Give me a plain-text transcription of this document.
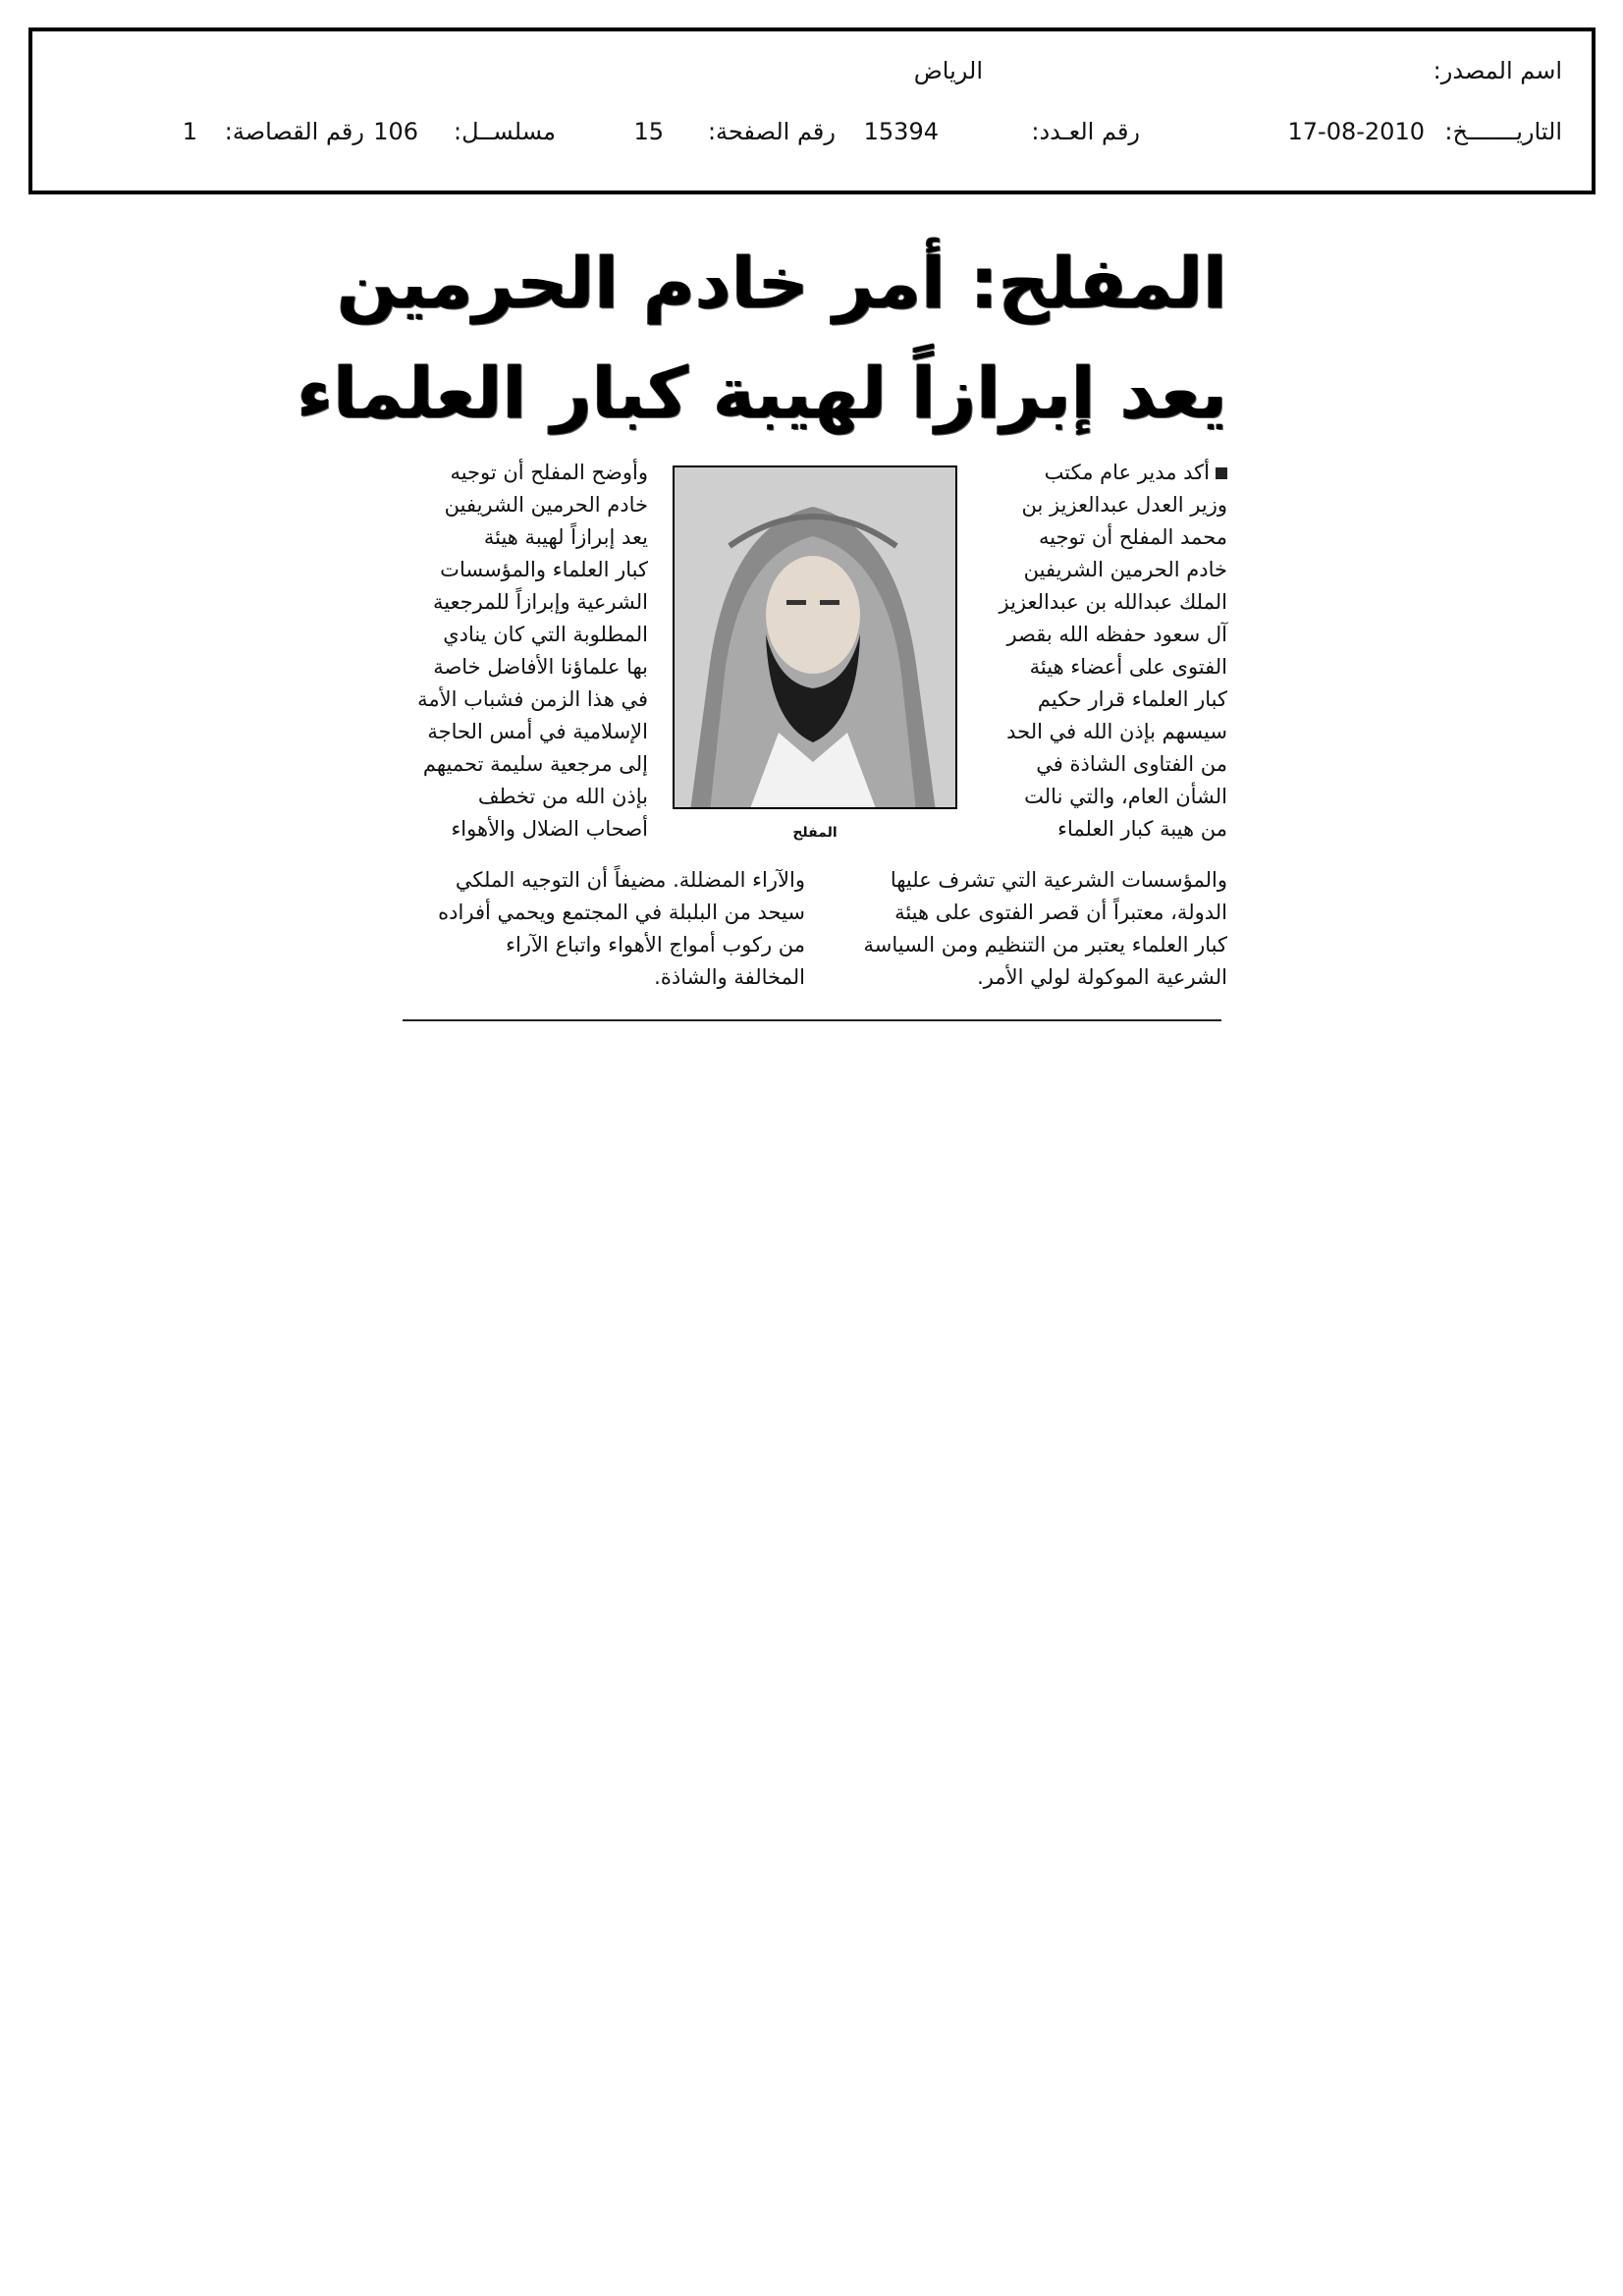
اسم المصدر:
الرياض
التاريـــــــخ:
17-08-2010
رقم العـدد:
15394
رقم الصفحة:
15
مسلســل:
106
رقم القصاصة:
1
المفلح: أمر خادم الحرمين
يعد إبرازاً لهيبة كبار العلماء
أكد مدير عام مكتب
وزير العدل عبدالعزيز بن
محمد المفلح أن توجيه
خادم الحرمين الشريفين
الملك عبدالله بن عبدالعزيز
آل سعود حفظه الله بقصر
الفتوى على أعضاء هيئة
كبار العلماء قرار حكيم
سيسهم بإذن الله في الحد
من الفتاوى الشاذة في
الشأن العام، والتي نالت
من هيبة كبار العلماء
المفلح
وأوضح المفلح أن توجيه
خادم الحرمين الشريفين
يعد إبرازاً لهيبة هيئة
كبار العلماء والمؤسسات
الشرعية وإبرازاً للمرجعية
المطلوبة التي كان ينادي
بها علماؤنا الأفاضل خاصة
في هذا الزمن فشباب الأمة
الإسلامية في أمس الحاجة
إلى مرجعية سليمة تحميهم
بإذن الله من تخطف
أصحاب الضلال والأهواء
والمؤسسات الشرعية التي تشرف عليها
الدولة، معتبراً أن قصر الفتوى على هيئة
كبار العلماء يعتبر من التنظيم ومن السياسة
الشرعية الموكولة لولي الأمر.
والآراء المضللة. مضيفاً أن التوجيه الملكي
سيحد من البلبلة في المجتمع ويحمي أفراده
من ركوب أمواج الأهواء واتباع الآراء
المخالفة والشاذة.
